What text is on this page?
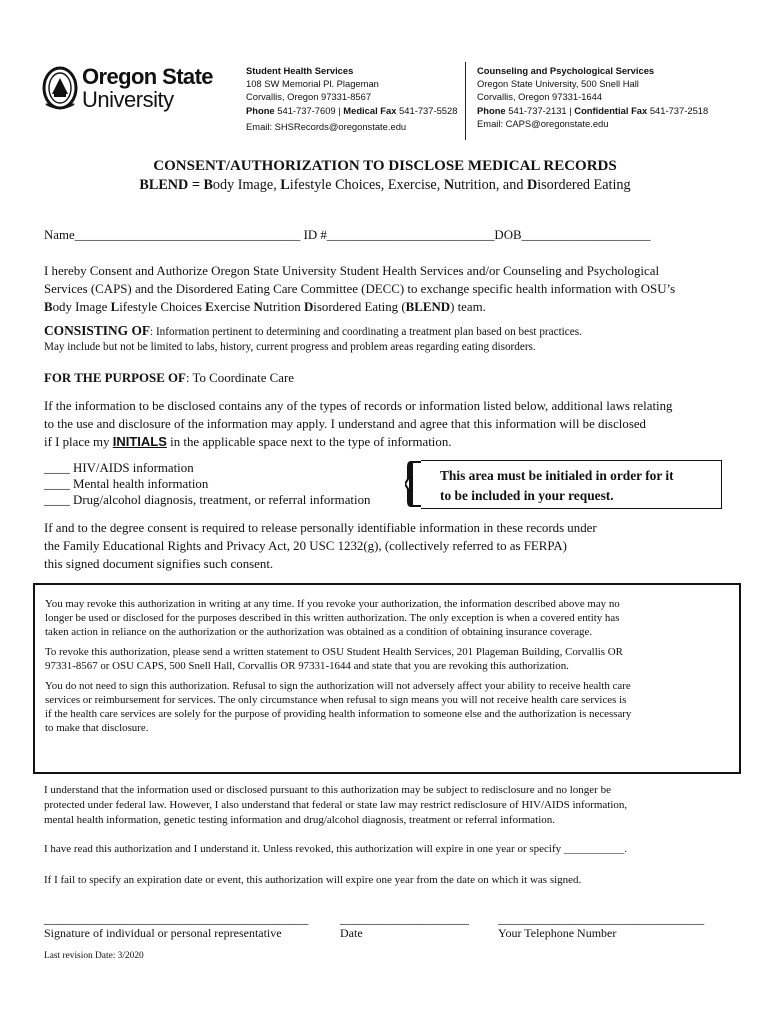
Oregon State
University
Student Health Services
108 SW Memorial Pl. Plageman
Corvallis, Oregon 97331-8567
Phone 541-737-7609 | Medical Fax 541-737-5528
Email: SHSRecords@oregonstate.edu
Counseling and Psychological Services
Oregon State University, 500 Snell Hall
Corvallis, Oregon 97331-1644
Phone 541-737-2131 | Confidential Fax 541-737-2518
Email: CAPS@oregonstate.edu
CONSENT/AUTHORIZATION TO DISCLOSE MEDICAL RECORDS
BLEND = Body Image, Lifestyle Choices, Exercise, Nutrition, and Disordered Eating
Name___________________________________ ID #__________________________DOB____________________
I hereby Consent and Authorize Oregon State University Student Health Services and/or Counseling and Psychological
Services (CAPS) and the Disordered Eating Care Committee (DECC) to exchange specific health information with OSU’s
Body Image Lifestyle Choices Exercise Nutrition Disordered Eating (BLEND) team.
CONSISTING OF: Information pertinent to determining and coordinating a treatment plan based on best practices.
May include but not be limited to labs, history, current progress and problem areas regarding eating disorders.
FOR THE PURPOSE OF: To Coordinate Care
If the information to be disclosed contains any of the types of records or information listed below, additional laws relating
to the use and disclosure of the information may apply. I understand and agree that this information will be disclosed
if I place my INITIALS in the applicable space next to the type of information.
____ HIV/AIDS information
____ Mental health information
____ Drug/alcohol diagnosis, treatment, or referral information
This area must be initialed in order for it
to be included in your request.
If and to the degree consent is required to release personally identifiable information in these records under
the Family Educational Rights and Privacy Act, 20 USC 1232(g), (collectively referred to as FERPA)
this signed document signifies such consent.
You may revoke this authorization in writing at any time. If you revoke your authorization, the information described above may no
longer be used or disclosed for the purposes described in this written authorization. The only exception is when a covered entity has
taken action in reliance on the authorization or the authorization was obtained as a condition of obtaining insurance coverage.
To revoke this authorization, please send a written statement to OSU Student Health Services, 201 Plageman Building, Corvallis OR
97331-8567 or OSU CAPS, 500 Snell Hall, Corvallis OR 97331-1644 and state that you are revoking this authorization.
You do not need to sign this authorization. Refusal to sign the authorization will not adversely affect your ability to receive health care
services or reimbursement for services. The only circumstance when refusal to sign means you will not receive health care services is
if the health care services are solely for the purpose of providing health information to someone else and the authorization is necessary
to make that disclosure.
I understand that the information used or disclosed pursuant to this authorization may be subject to redisclosure and no longer be
protected under federal law. However, I also understand that federal or state law may restrict redisclosure of HIV/AIDS information,
mental health information, genetic testing information and drug/alcohol diagnosis, treatment or referral information.
I have read this authorization and I understand it. Unless revoked, this authorization will expire in one year or specify ___________.
If I fail to specify an expiration date or event, this authorization will expire one year from the date on which it was signed.
_________________________________________ ____________________ ________________________________
Signature of individual or personal representative	Date	Your Telephone Number
Last revision Date: 3/2020
